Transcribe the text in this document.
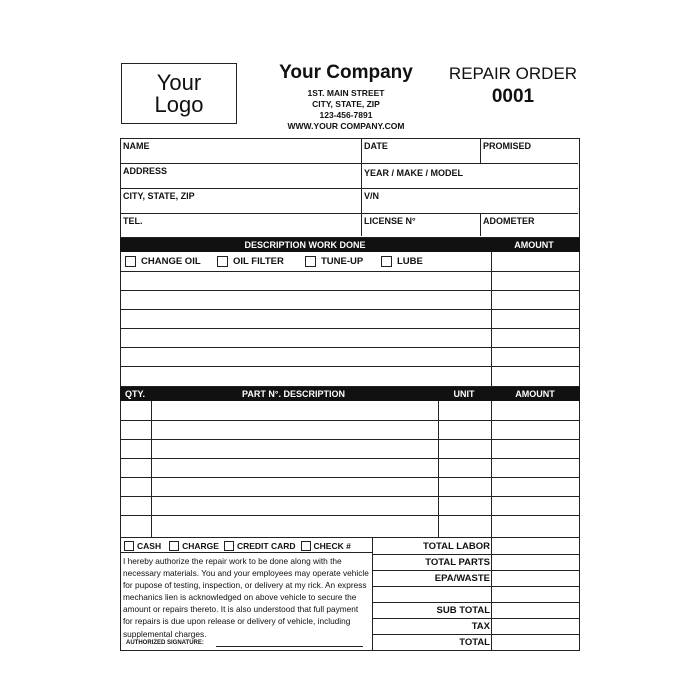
Your
Logo
Your Company
1ST. MAIN STREET
CITY, STATE, ZIP
123-456-7891
WWW.YOUR COMPANY.COM
REPAIR ORDER
0001
NAME	DATE	PROMISED
ADDRESS	YEAR / MAKE / MODEL
CITY, STATE, ZIP	V/N
TEL.	LICENSE N°	ADOMETER
DESCRIPTION WORK DONE	AMOUNT
CHANGE OIL	OIL FILTER	TUNE-UP	LUBE
QTY.	PART N°. DESCRIPTION	UNIT	AMOUNT
CASH CHARGE CREDIT CARD CHECK #
I hereby authorize the repair work to be done along with the necessary materials. You and your employees may operate vehicle for pupose of testing, inspection, or delivery at my rick. An express mechanics lien is acknowledged on above vehicle to secure the amount or repairs thereto. It is also understood that full payment for repairs is due upon release or delivery of vehicle, including supplemental charges.
AUTHORIZED SIGNATURE:
TOTAL LABOR
TOTAL PARTS
EPA/WASTE
SUB TOTAL
TAX
TOTAL
